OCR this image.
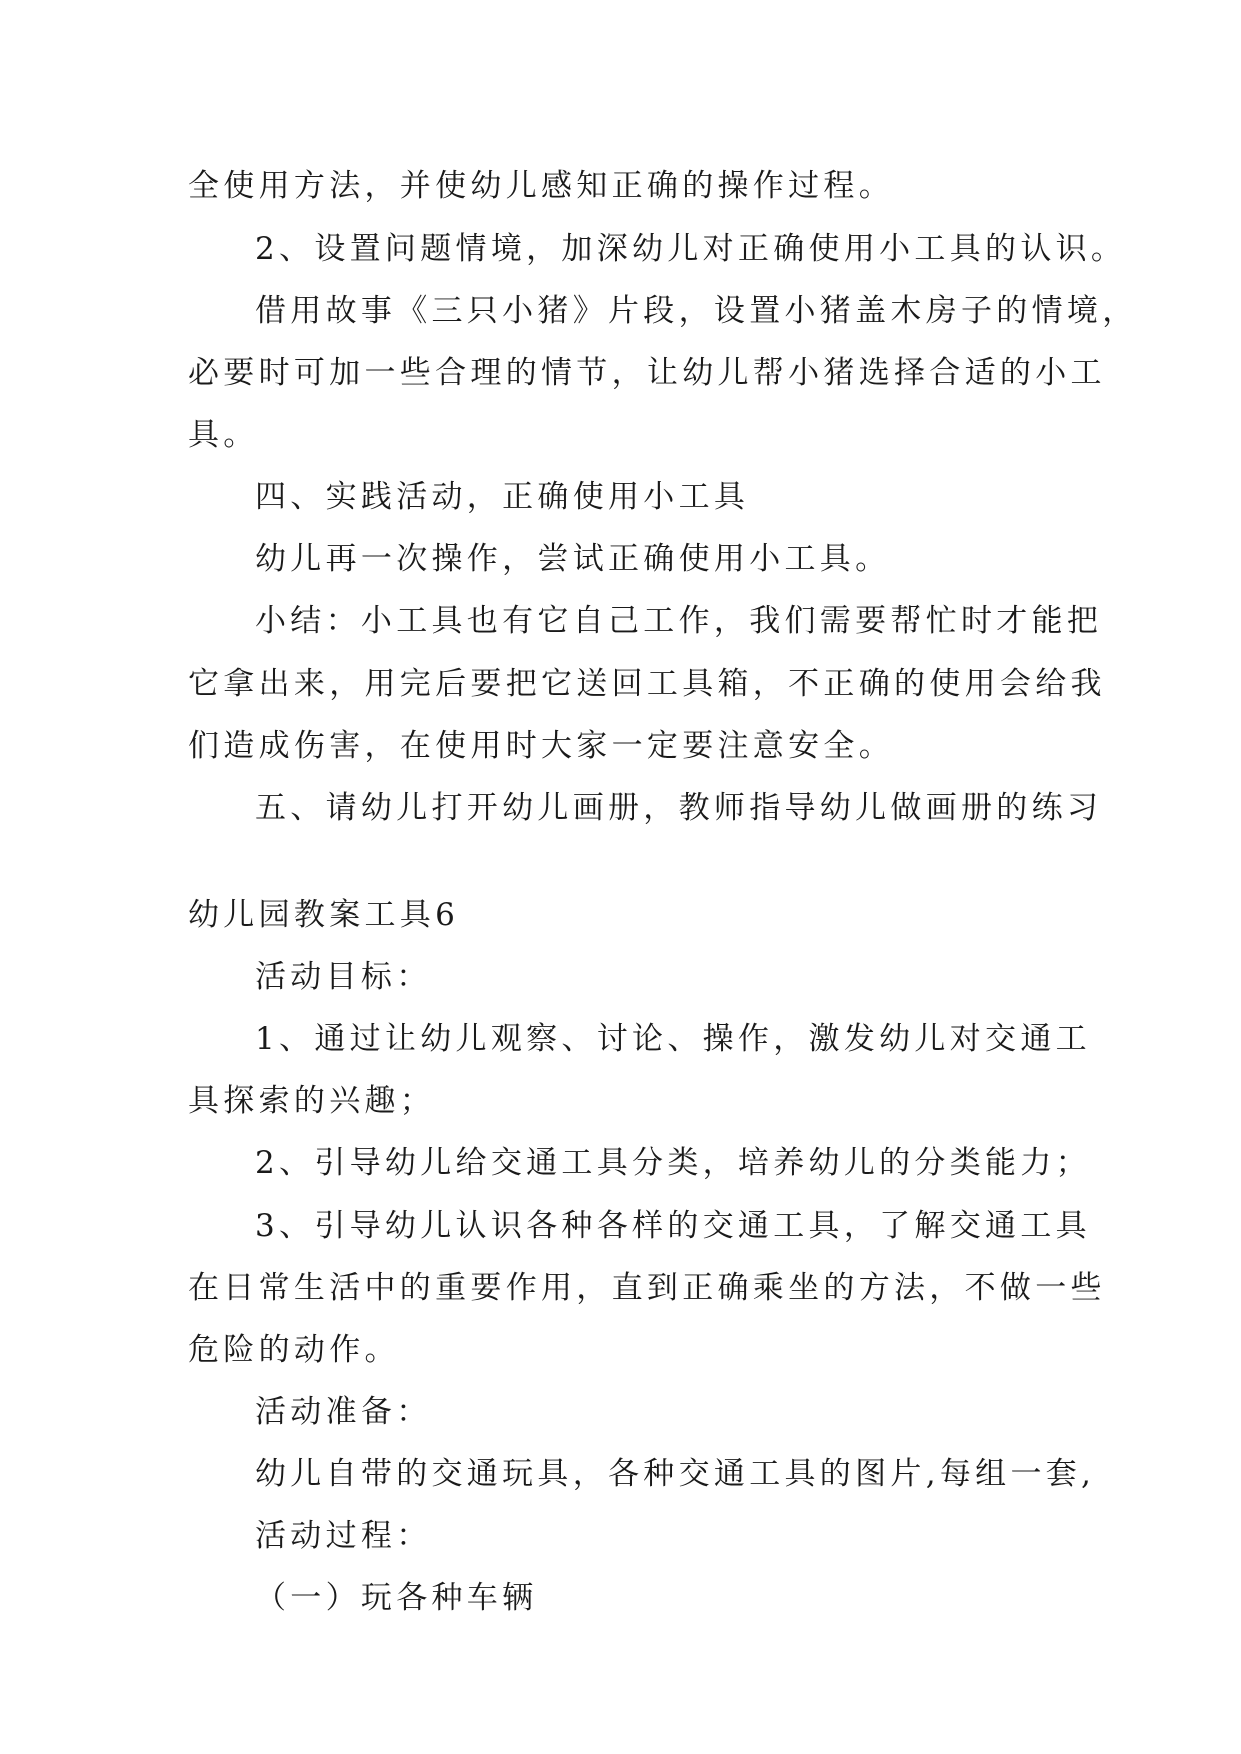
全使用方法，并使幼儿感知正确的操作过程。
2、设置问题情境，加深幼儿对正确使用小工具的认识。
借用故事《三只小猪》片段，设置小猪盖木房子的情境，
必要时可加一些合理的情节，让幼儿帮小猪选择合适的小工
具。
四、实践活动，正确使用小工具
幼儿再一次操作，尝试正确使用小工具。
小结：小工具也有它自己工作，我们需要帮忙时才能把
它拿出来，用完后要把它送回工具箱，不正确的使用会给我
们造成伤害，在使用时大家一定要注意安全。
五、请幼儿打开幼儿画册，教师指导幼儿做画册的练习
幼儿园教案工具6
活动目标：
1、通过让幼儿观察、讨论、操作，激发幼儿对交通工
具探索的兴趣；
2、引导幼儿给交通工具分类，培养幼儿的分类能力；
3、引导幼儿认识各种各样的交通工具，了解交通工具
在日常生活中的重要作用，直到正确乘坐的方法，不做一些
危险的动作。
活动准备：
幼儿自带的交通玩具，各种交通工具的图片,每组一套,
活动过程：
（一）玩各种车辆
